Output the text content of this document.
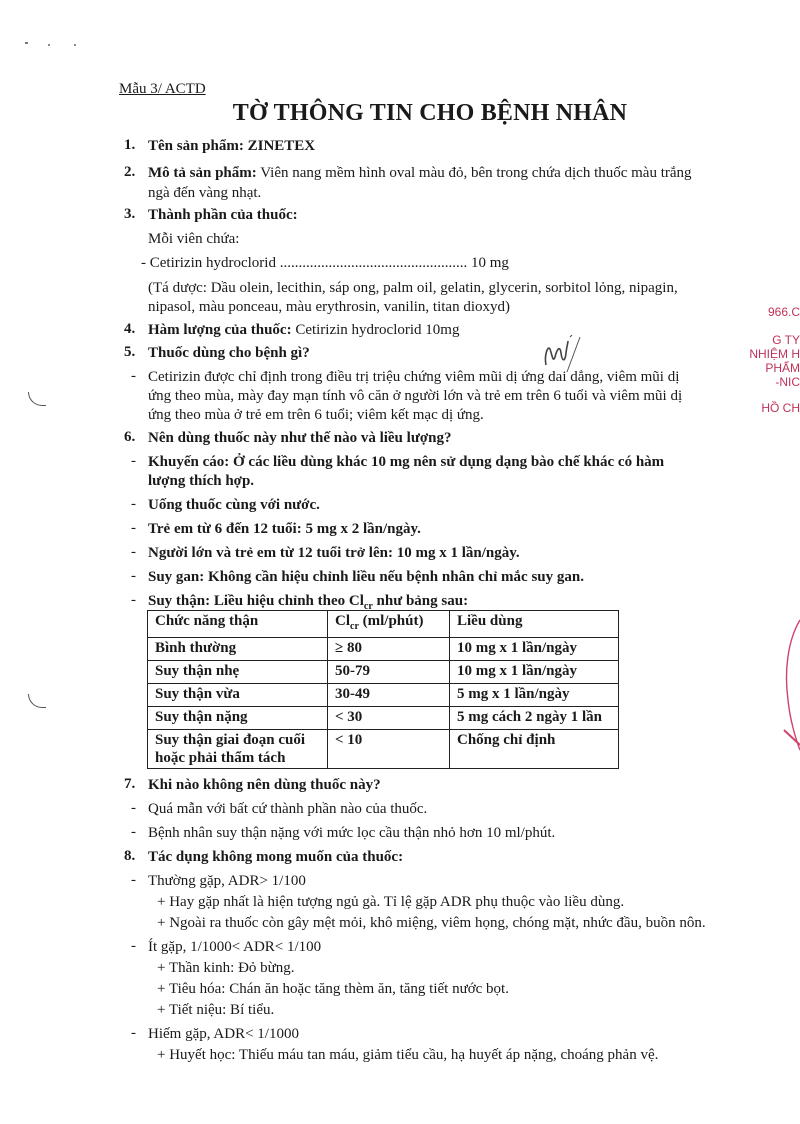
Mẫu 3/ ACTD
TỜ THÔNG TIN CHO BỆNH NHÂN
1. Tên sản phẩm: ZINETEX
2. Mô tả sản phẩm: Viên nang mềm hình oval màu đỏ, bên trong chứa dịch thuốc màu trắng
ngà đến vàng nhạt.
3. Thành phần của thuốc:
Mỗi viên chứa:
- Cetirizin hydroclorid .................................................. 10 mg
(Tá dược: Dầu olein, lecithin, sáp ong, palm oil, gelatin, glycerin, sorbitol lỏng, nipagin,
nipasol, màu ponceau, màu erythrosin, vanilin, titan dioxyd)
4. Hàm lượng của thuốc: Cetirizin hydroclorid 10mg
5. Thuốc dùng cho bệnh gì?
- Cetirizin được chỉ định trong điều trị triệu chứng viêm mũi dị ứng dai dẳng, viêm mũi dị
ứng theo mùa, mày đay mạn tính vô căn ở người lớn và trẻ em trên 6 tuổi và viêm mũi dị
ứng theo mùa ở trẻ em trên 6 tuổi; viêm kết mạc dị ứng.
6. Nên dùng thuốc này như thế nào và liều lượng?
- Khuyến cáo: Ở các liều dùng khác 10 mg nên sử dụng dạng bào chế khác có hàm
lượng thích hợp.
- Uống thuốc cùng với nước.
- Trẻ em từ 6 đến 12 tuổi: 5 mg x 2 lần/ngày.
- Người lớn và trẻ em từ 12 tuổi trở lên: 10 mg x 1 lần/ngày.
- Suy gan: Không cần hiệu chỉnh liều nếu bệnh nhân chỉ mắc suy gan.
- Suy thận: Liều hiệu chỉnh theo $Cl_{cr}$ như bảng sau:
Chức năng thận	$Cl_{cr}$ (ml/phút)	Liều dùng
Bình thường	≥ 80	10 mg x 1 lần/ngày
Suy thận nhẹ	50-79	10 mg x 1 lần/ngày
Suy thận vừa	30-49	5 mg x 1 lần/ngày
Suy thận nặng	< 30	5 mg cách 2 ngày 1 lần

Suy thận giai đoạn cuối
hoặc phải thẩm tách	< 10	Chống chỉ định
7. Khi nào không nên dùng thuốc này?
- Quá mẫn với bất cứ thành phần nào của thuốc.
- Bệnh nhân suy thận nặng với mức lọc cầu thận nhỏ hơn 10 ml/phút.
8. Tác dụng không mong muốn của thuốc:
- Thường gặp, ADR> 1/100
+ Hay gặp nhất là hiện tượng ngủ gà. Tỉ lệ gặp ADR phụ thuộc vào liều dùng.
+ Ngoài ra thuốc còn gây mệt mỏi, khô miệng, viêm họng, chóng mặt, nhức đầu, buồn nôn.
- Ít gặp, 1/1000< ADR< 1/100
+ Thần kinh: Đỏ bừng.
+ Tiêu hóa: Chán ăn hoặc tăng thèm ăn, tăng tiết nước bọt.
+ Tiết niệu: Bí tiểu.
- Hiếm gặp, ADR< 1/1000
+ Huyết học: Thiếu máu tan máu, giảm tiểu cầu, hạ huyết áp nặng, choáng phản vệ.
966.C
G TY
NHIỆM H
PHẨM
-NIC
HỒ CH
